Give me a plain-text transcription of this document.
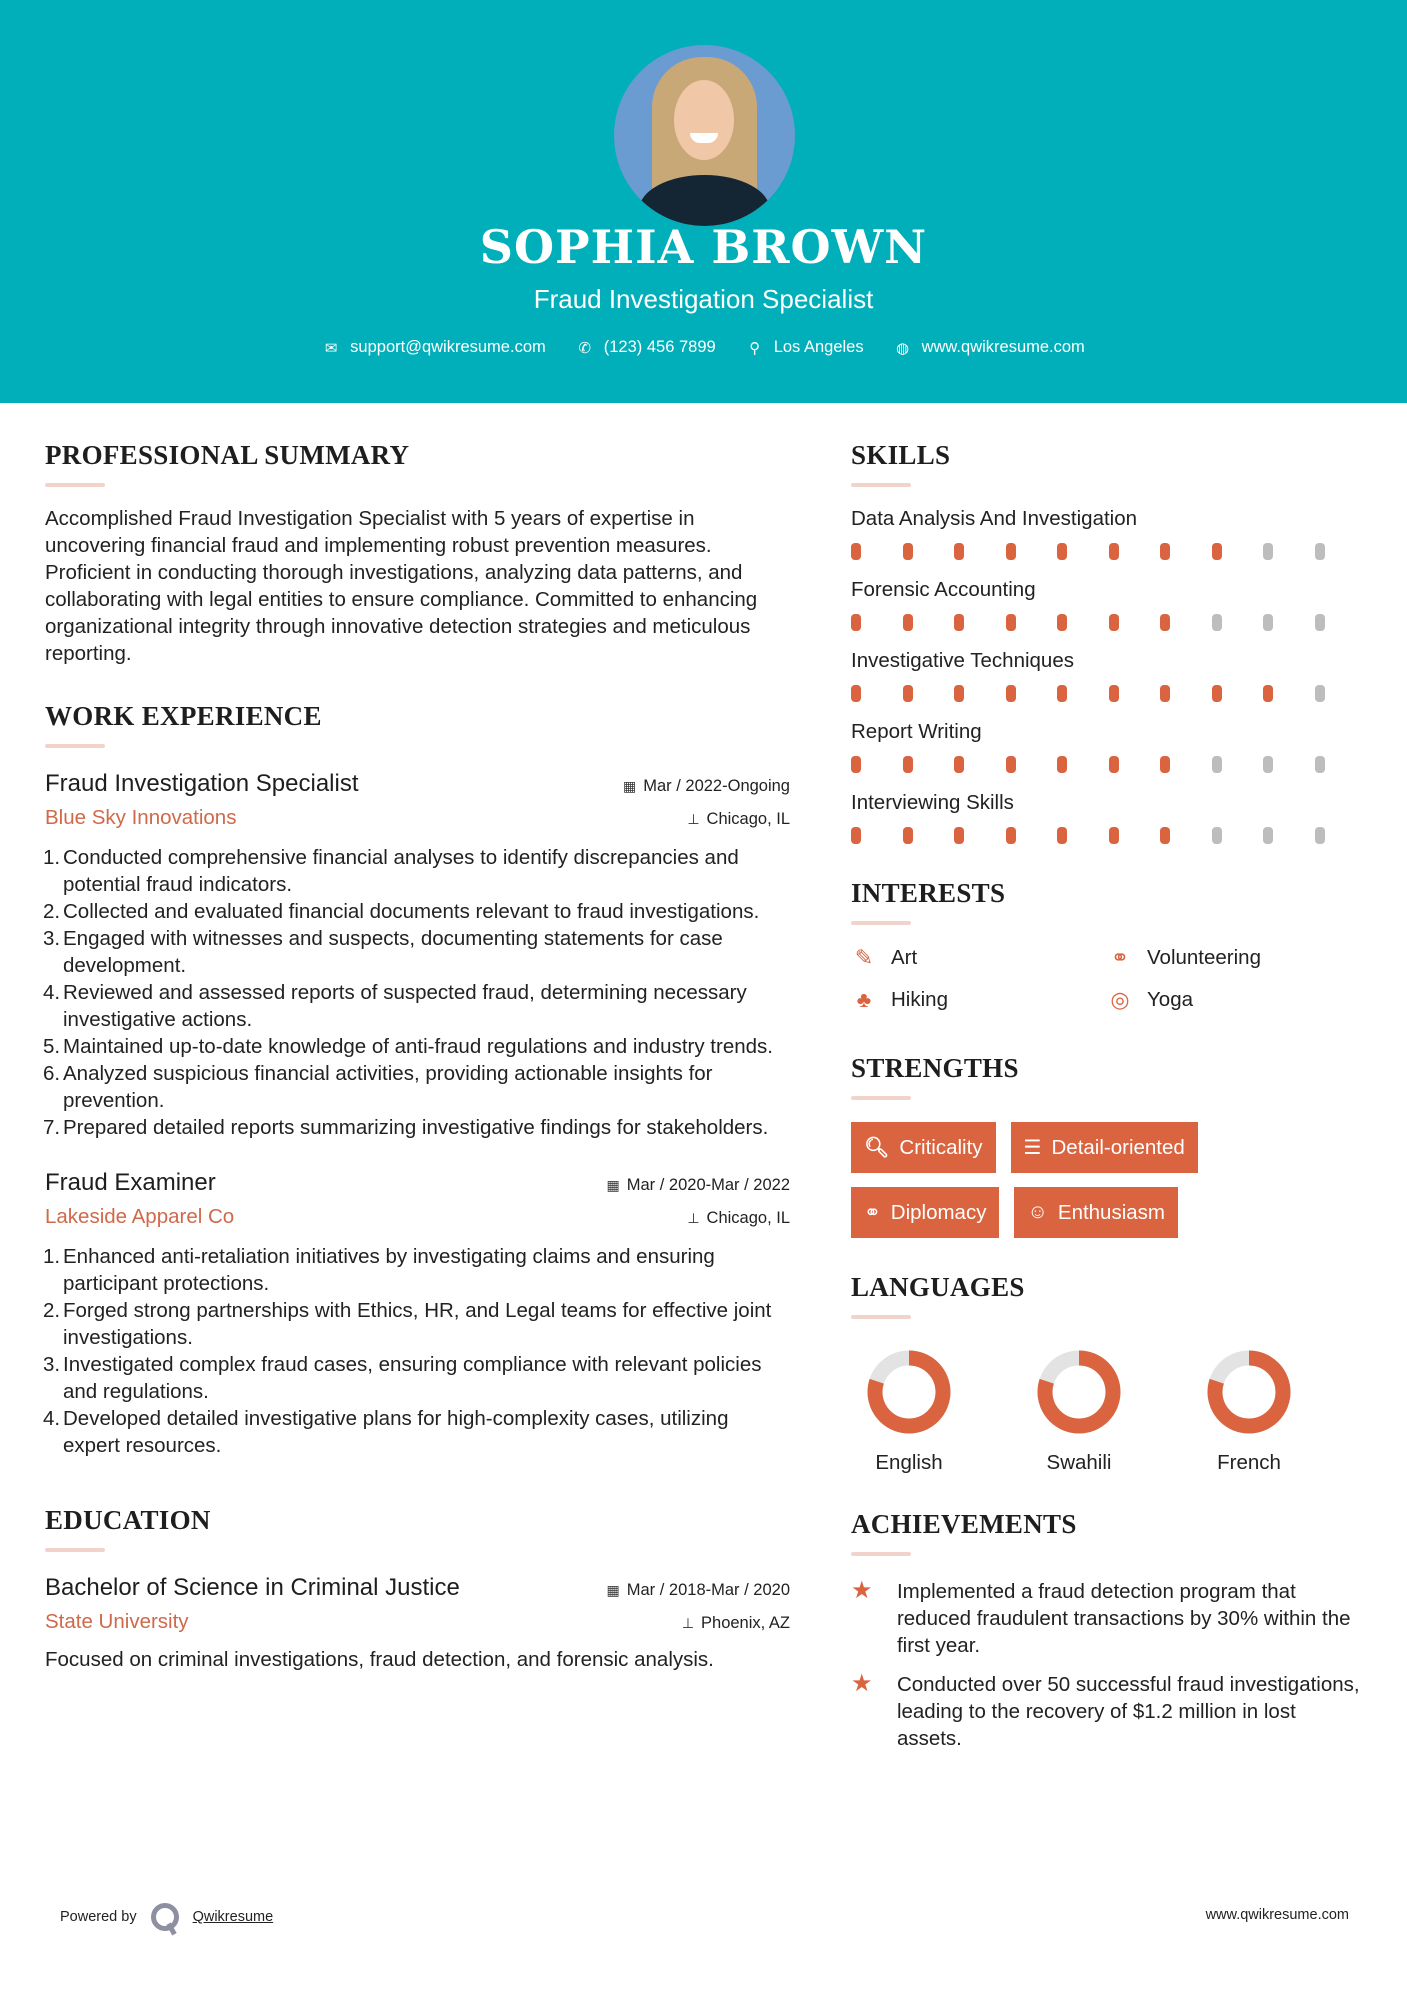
SOPHIA BROWN
Fraud Investigation Specialist
✉ support@qwikresume.com ✆ (123) 456 7899 ⚲ Los Angeles ◍ www.qwikresume.com
PROFESSIONAL SUMMARY

Accomplished Fraud Investigation Specialist with 5 years of expertise in uncovering financial fraud and implementing robust prevention measures. Proficient in conducting thorough investigations, analyzing data patterns, and collaborating with legal entities to ensure compliance. Committed to enhancing organizational integrity through innovative detection strategies and meticulous reporting.

WORK EXPERIENCE
Fraud Investigation Specialist	▦ Mar / 2022-Ongoing
Blue Sky Innovations	⊥ Chicago, IL
1. Conducted comprehensive financial analyses to identify discrepancies and potential fraud indicators.
2. Collected and evaluated financial documents relevant to fraud investigations.
3. Engaged with witnesses and suspects, documenting statements for case development.
4. Reviewed and assessed reports of suspected fraud, determining necessary investigative actions.
5. Maintained up-to-date knowledge of anti-fraud regulations and industry trends.
6. Analyzed suspicious financial activities, providing actionable insights for prevention.
7. Prepared detailed reports summarizing investigative findings for stakeholders.
Fraud Examiner	▦ Mar / 2020-Mar / 2022
Lakeside Apparel Co	⊥ Chicago, IL
1. Enhanced anti-retaliation initiatives by investigating claims and ensuring participant protections.
2. Forged strong partnerships with Ethics, HR, and Legal teams for effective joint investigations.
3. Investigated complex fraud cases, ensuring compliance with relevant policies and regulations.
4. Developed detailed investigative plans for high-complexity cases, utilizing expert resources.
EDUCATION
Bachelor of Science in Criminal Justice	▦ Mar / 2018-Mar / 2020
State University	⊥ Phoenix, AZ

Focused on criminal investigations, fraud detection, and forensic analysis.

SKILLS
Data Analysis And Investigation
Forensic Accounting
Investigative Techniques
Report Writing
Interviewing Skills
INTERESTS
✎ Art	⚭ Volunteering
♣ Hiking	◎ Yoga
STRENGTHS
🔍︎ Criticality ☰ Detail-oriented
⚭ Diplomacy ☺ Enthusiasm
LANGUAGES
English	Swahili	French
ACHIEVEMENTS
★	Implemented a fraud detection program that reduced fraudulent transactions by 30% within the first year.
★	Conducted over 50 successful fraud investigations, leading to the recovery of $1.2 million in lost assets.
Powered by	Qwikresume	www.qwikresume.com
